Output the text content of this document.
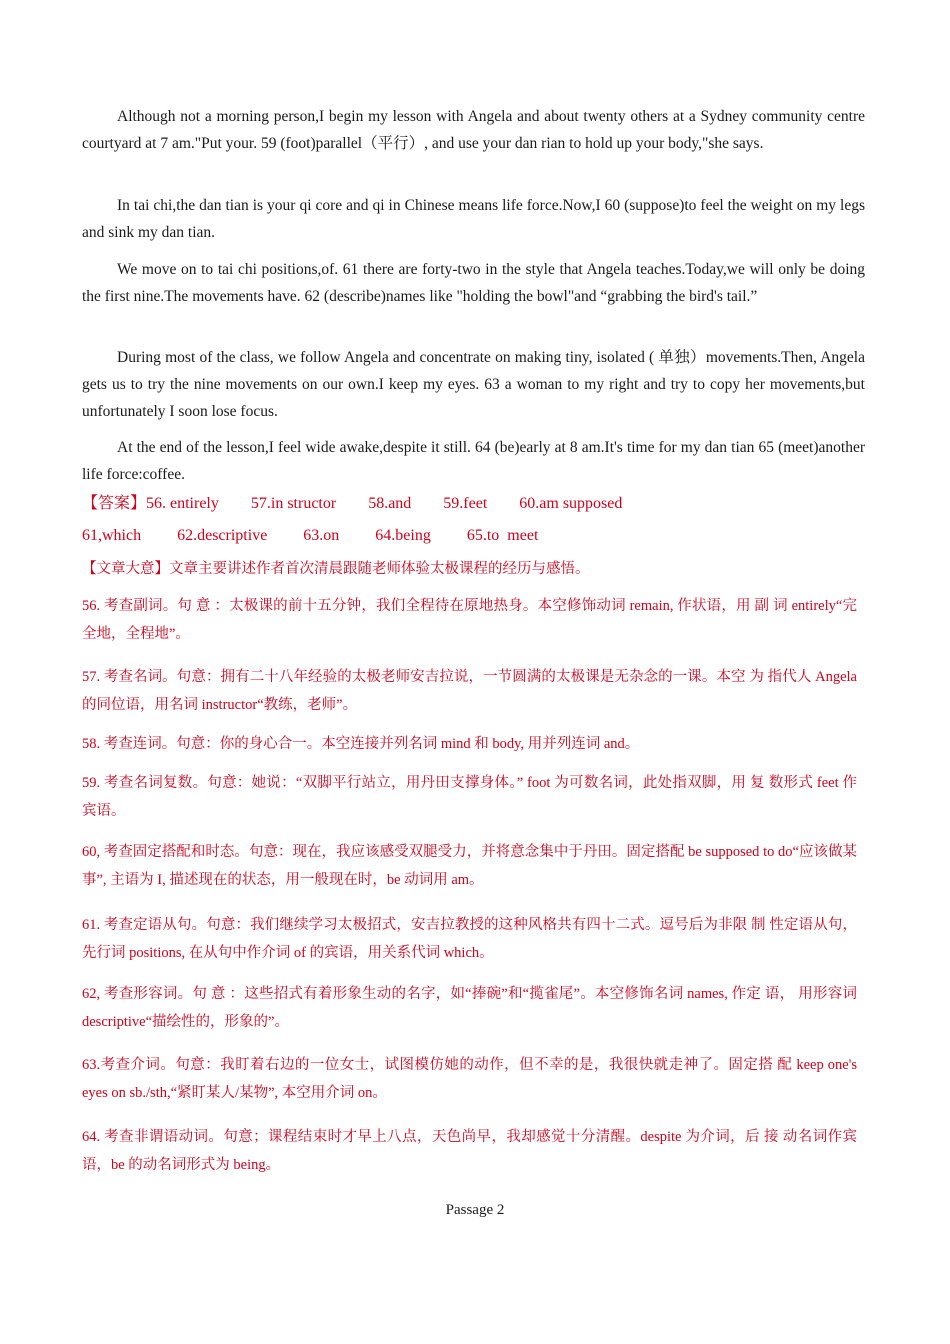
Although not a morning person,I begin my lesson with Angela and about twenty others at a Sydney community centre courtyard at 7 am."Put your. 59 (foot)parallel（平行）, and use your dan rian to hold up your body,"she says.

In tai chi,the dan tian is your qi core and qi in Chinese means life force.Now,I 60 (suppose)to feel the weight on my legs and sink my dan tian.

We move on to tai chi positions,of. 61 there are forty-two in the style that Angela teaches.Today,we will only be doing the first nine.The movements have. 62 (describe)names like "holding the bowl"and “grabbing the bird's tail.”

During most of the class, we follow Angela and concentrate on making tiny, isolated ( 单独）movements.Then, Angela gets us to try the nine movements on our own.I keep my eyes. 63 a woman to my right and try to copy her movements,but unfortunately I soon lose focus.

At the end of the lesson,I feel wide awake,despite it still. 64 (be)early at 8 am.It's time for my dan tian 65 (meet)another life force:coffee.

【答案】56. entirely        57.in structor        58.and        59.feet        60.am supposed
61,which         62.descriptive         63.on         64.being         65.to  meet
【文章大意】文章主要讲述作者首次清晨跟随老师体验太极课程的经历与感悟。
56. 考查副词。句 意 ：太极课的前十五分钟，我们全程待在原地热身。本空修饰动词 remain, 作状语，用 副 词 entirely“完全地，全程地”。
57. 考查名词。句意：拥有二十八年经验的太极老师安吉拉说，一节圆满的太极课是无杂念的一课。本空 为 指代人 Angela 的同位语，用名词 instructor“教练，老师”。
58. 考查连词。句意：你的身心合一。本空连接并列名词 mind 和 body, 用并列连词 and。
59. 考查名词复数。句意：她说：“双脚平行站立，用丹田支撑身体。” foot 为可数名词，此处指双脚，用 复 数形式 feet 作宾语。
60, 考查固定搭配和时态。句意：现在，我应该感受双腿受力，并将意念集中于丹田。固定搭配 be supposed to do“应该做某事”, 主语为 I, 描述现在的状态，用一般现在时，be 动词用 am。
61. 考查定语从句。句意：我们继续学习太极招式，安吉拉教授的这种风格共有四十二式。逗号后为非限 制 性定语从句，先行词 positions, 在从句中作介词 of 的宾语，用关系代词 which。
62, 考查形容词。句 意 ：这些招式有着形象生动的名字，如“捧碗”和“揽雀尾”。本空修饰名词 names, 作定 语， 用形容词 descriptive“描绘性的，形象的”。
63.考查介词。句意：我盯着右边的一位女士，试图模仿她的动作，但不幸的是，我很快就走神了。固定搭 配 keep one's eyes on sb./sth,“紧盯某人/某物”, 本空用介词 on。
64. 考查非谓语动词。句意；课程结束时才早上八点，天色尚早，我却感觉十分清醒。despite 为介词，后 接 动名词作宾语，be 的动名词形式为 being。
Passage 2
